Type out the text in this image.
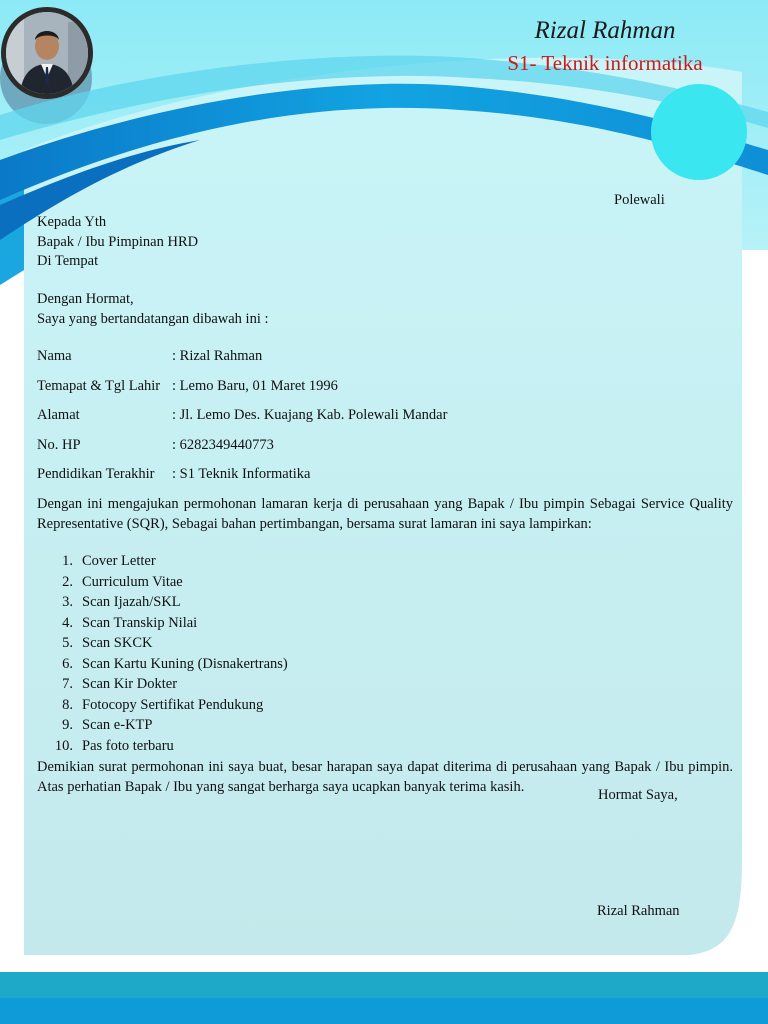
Rizal Rahman
S1- Teknik informatika
Polewali
Kepada Yth
Bapak / Ibu Pimpinan HRD
Di Tempat
Dengan Hormat,
Saya yang bertandatangan dibawah ini :
Nama	: Rizal Rahman
Temapat & Tgl Lahir : Lemo Baru, 01 Maret 1996
Alamat	: Jl. Lemo Des. Kuajang Kab. Polewali Mandar
No. HP	: 6282349440773
Pendidikan Terakhir	: S1 Teknik Informatika
Dengan ini mengajukan permohonan lamaran kerja di perusahaan yang Bapak / Ibu pimpin Sebagai Service Quality Representative (SQR), Sebagai bahan pertimbangan, bersama surat lamaran ini saya lampirkan:
1. Cover Letter
2. Curriculum Vitae
3. Scan Ijazah/SKL
4. Scan Transkip Nilai
5. Scan SKCK
6. Scan Kartu Kuning (Disnakertrans)
7. Scan Kir Dokter
8. Fotocopy Sertifikat Pendukung
9. Scan e-KTP
10. Pas foto terbaru
Demikian surat permohonan ini saya buat, besar harapan saya dapat diterima di perusahaan yang Bapak / Ibu pimpin. Atas perhatian Bapak / Ibu yang sangat berharga saya ucapkan banyak terima kasih.
Hormat Saya,
Rizal Rahman
